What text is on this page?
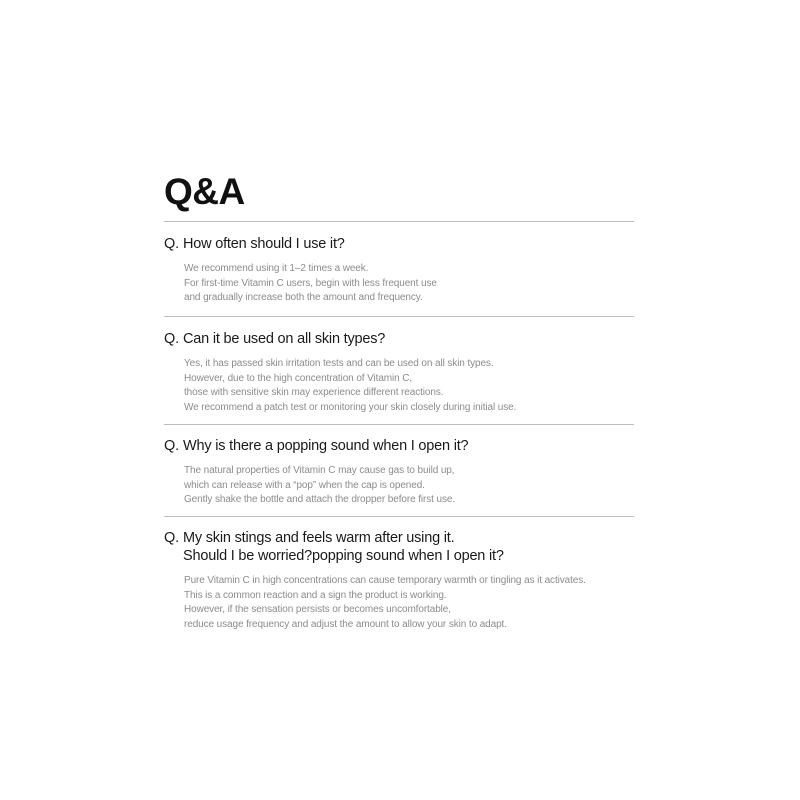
Q&A
Q. How often should I use it?
We recommend using it 1–2 times a week.
For first-time Vitamin C users, begin with less frequent use
and gradually increase both the amount and frequency.
Q. Can it be used on all skin types?
Yes, it has passed skin irritation tests and can be used on all skin types.
However, due to the high concentration of Vitamin C,
those with sensitive skin may experience different reactions.
We recommend a patch test or monitoring your skin closely during initial use.
Q. Why is there a popping sound when I open it?
The natural properties of Vitamin C may cause gas to build up,
which can release with a “pop” when the cap is opened.
Gently shake the bottle and attach the dropper before first use.
Q. My skin stings and feels warm after using it.
Should I be worried?popping sound when I open it?
Pure Vitamin C in high concentrations can cause temporary warmth or tingling as it activates.
This is a common reaction and a sign the product is working.
However, if the sensation persists or becomes uncomfortable,
reduce usage frequency and adjust the amount to allow your skin to adapt.
